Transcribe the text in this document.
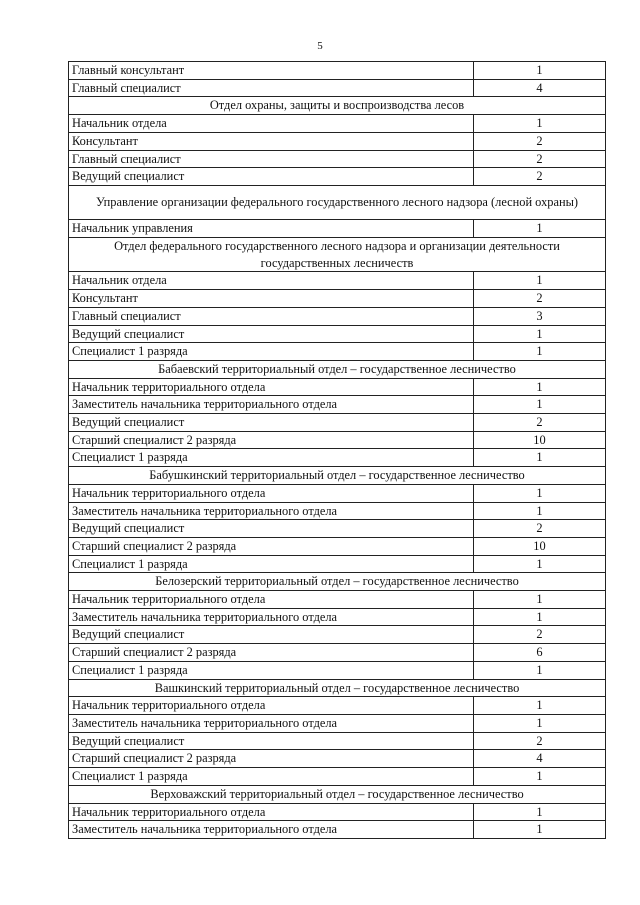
5
Главный консультант	1
Главный специалист	4
Отдел охраны, защиты и воспроизводства лесов	
Начальник отдела	1
Консультант	2
Главный специалист	2
Ведущий специалист	2
Управление организации федерального государственного лесного надзора (лесной охраны)	
Начальник управления	1
Отдел федерального государственного лесного надзора и организации деятельности государственных лесничеств	
Начальник отдела	1
Консультант	2
Главный специалист	3
Ведущий специалист	1
Специалист 1 разряда	1
Бабаевский территориальный отдел – государственное лесничество	
Начальник территориального отдела	1
Заместитель начальника территориального отдела	1
Ведущий специалист	2
Старший специалист 2 разряда	10
Специалист 1 разряда	1
Бабушкинский территориальный отдел – государственное лесничество	
Начальник территориального отдела	1
Заместитель начальника территориального отдела	1
Ведущий специалист	2
Старший специалист 2 разряда	10
Специалист 1 разряда	1
Белозерский территориальный отдел – государственное лесничество	
Начальник территориального отдела	1
Заместитель начальника территориального отдела	1
Ведущий специалист	2
Старший специалист 2 разряда	6
Специалист 1 разряда	1
Вашкинский территориальный отдел – государственное лесничество	
Начальник территориального отдела	1
Заместитель начальника территориального отдела	1
Ведущий специалист	2
Старший специалист 2 разряда	4
Специалист 1 разряда	1
Верховажский территориальный отдел – государственное лесничество	
Начальник территориального отдела	1
Заместитель начальника территориального отдела	1
